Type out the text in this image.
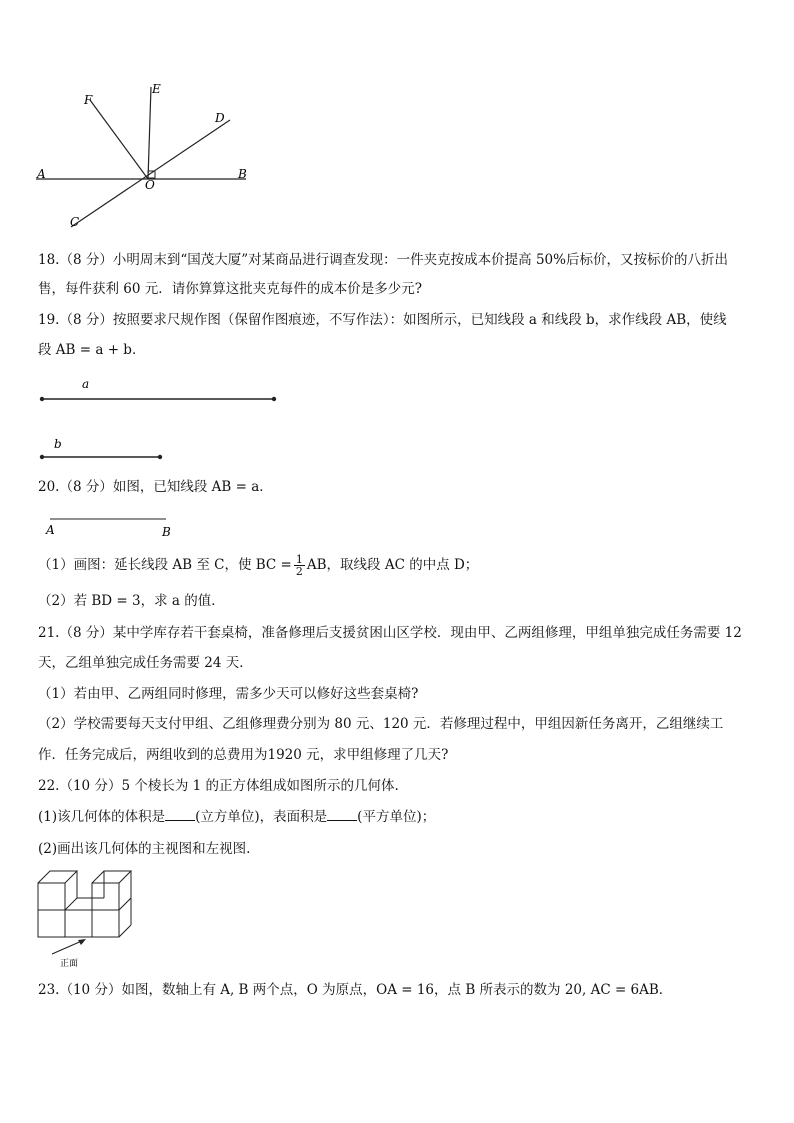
F
E
D
A
O
B
C
18.（8 分）小明周末到“国茂大厦”对某商品进行调查发现：一件夹克按成本价提高 50%后标价，又按标价的八折出
售，每件获利 60 元．请你算算这批夹克每件的成本价是多少元?
19.（8 分）按照要求尺规作图（保留作图痕迹，不写作法）：如图所示，已知线段 a 和线段 b，求作线段 AB，使线
段 AB = a + b．
a
b
20.（8 分）如图，已知线段 AB = a．
A	B
（1）画图：延长线段 AB 至 C，使 BC = $\frac{1}{2}$ AB，取线段 AC 的中点 D；
（2）若 BD = 3，求 a 的值．
21.（8 分）某中学库存若干套桌椅，准备修理后支援贫困山区学校．现由甲、乙两组修理，甲组单独完成任务需要 12
天，乙组单独完成任务需要 24 天．
（1）若由甲、乙两组同时修理，需多少天可以修好这些套桌椅?
（2）学校需要每天支付甲组、乙组修理费分别为 80 元、120 元．若修理过程中，甲组因新任务离开，乙组继续工
作．任务完成后，两组收到的总费用为1920 元，求甲组修理了几天?
22.（10 分）5 个棱长为 1 的正方体组成如图所示的几何体.
(1)该几何体的体积是 (立方单位)，表面积是 (平方单位)；
(2)画出该几何体的主视图和左视图.
正面
23.（10 分）如图，数轴上有 A, B 两个点，O 为原点，OA = 16，点 B 所表示的数为 20, AC = 6AB．
